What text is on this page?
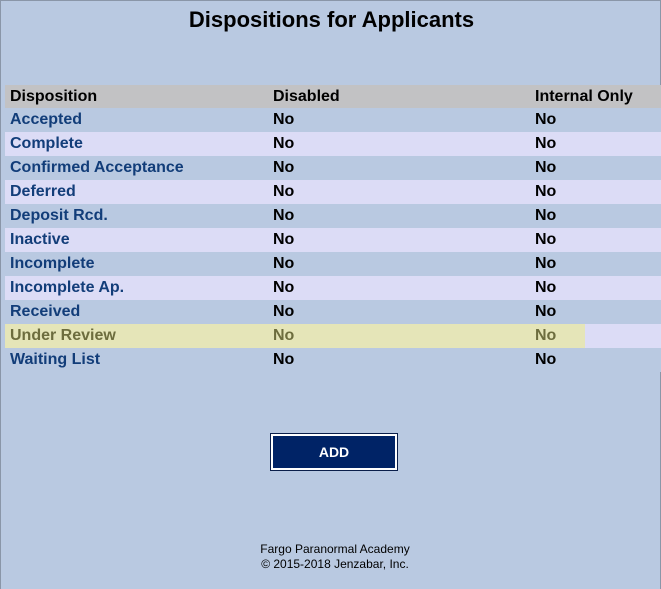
Dispositions for Applicants
Disposition	Disabled	Internal Only
Accepted	No	No
Complete	No	No
Confirmed Acceptance	No	No
Deferred	No	No
Deposit Rcd.	No	No
Inactive	No	No
Incomplete	No	No
Incomplete Ap.	No	No
Received	No	No
Under Review	No	No
Waiting List	No	No
ADD
Fargo Paranormal Academy
© 2015-2018 Jenzabar, Inc.
